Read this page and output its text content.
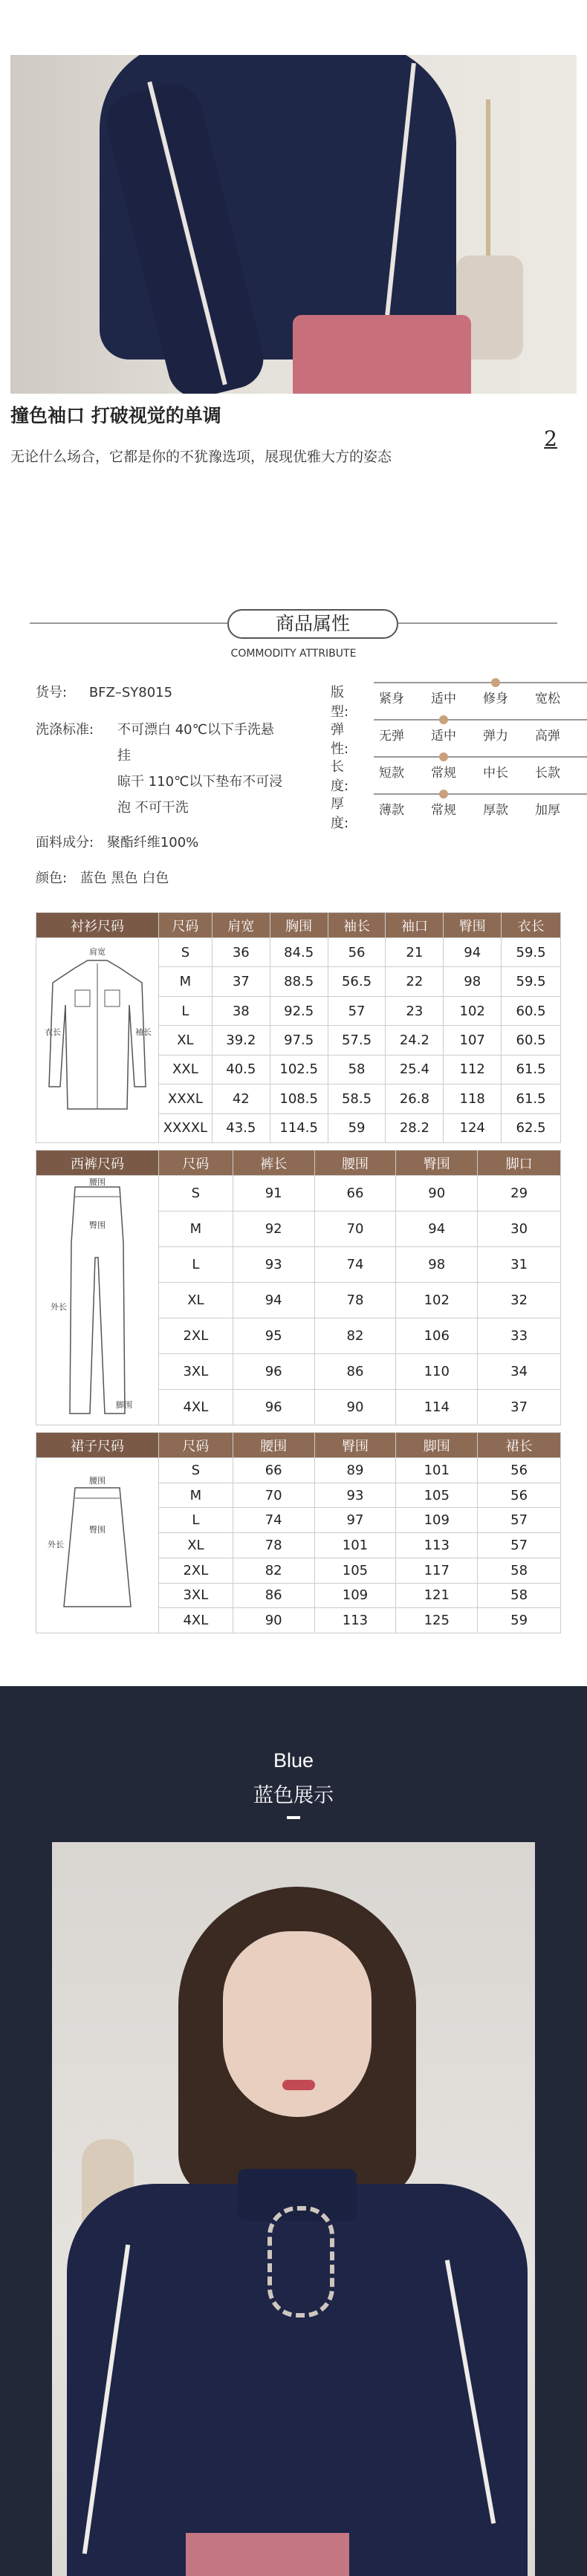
撞色袖口 打破视觉的单调
2
无论什么场合，它都是你的不犹豫选项，展现优雅大方的姿态
商品属性
COMMODITY ATTRIBUTE
货号: BFZ–SY8015
洗涤标准: 不可漂白 40℃以下手洗悬
挂
晾干 110℃以下垫布不可浸
泡 不可干洗
面料成分: 聚酯纤维100%
颜色: 蓝色 黑色 白色
版型:
紧身 适中 修身 宽松
弹性:
无弹 适中 弹力 高弹
长度:
短款 常规 中长 长款
厚度:
薄款 常规 厚款 加厚
衬衫尺码	尺码	肩宽	胸围	袖长	袖口	臀围	衣长

肩宽
衣长 袖长	S	36	84.5	56	21	94	59.5
	M	37	88.5	56.5	22	98	59.5
	L	38	92.5	57	23	102	60.5
	XL	39.2	97.5	57.5	24.2	107	60.5
	XXL	40.5	102.5	58	25.4	112	61.5
	XXXL	42	108.5	58.5	26.8	118	61.5
	XXXXL	43.5	114.5	59	28.2	124	62.5
西裤尺码	尺码	裤长	腰围	臀围	脚口

腰围
臀围
外长
脚围	S	91	66	90	29
	M	92	70	94	30
	L	93	74	98	31
	XL	94	78	102	32
	2XL	95	82	106	33
	3XL	96	86	110	34
	4XL	96	90	114	37
裙子尺码	尺码	腰围	臀围	脚围	裙长

腰围
臀围
外长	S	66	89	101	56
	M	70	93	105	56
	L	74	97	109	57
	XL	78	101	113	57
	2XL	82	105	117	58
	3XL	86	109	121	58
	4XL	90	113	125	59
Blue
蓝色展示
